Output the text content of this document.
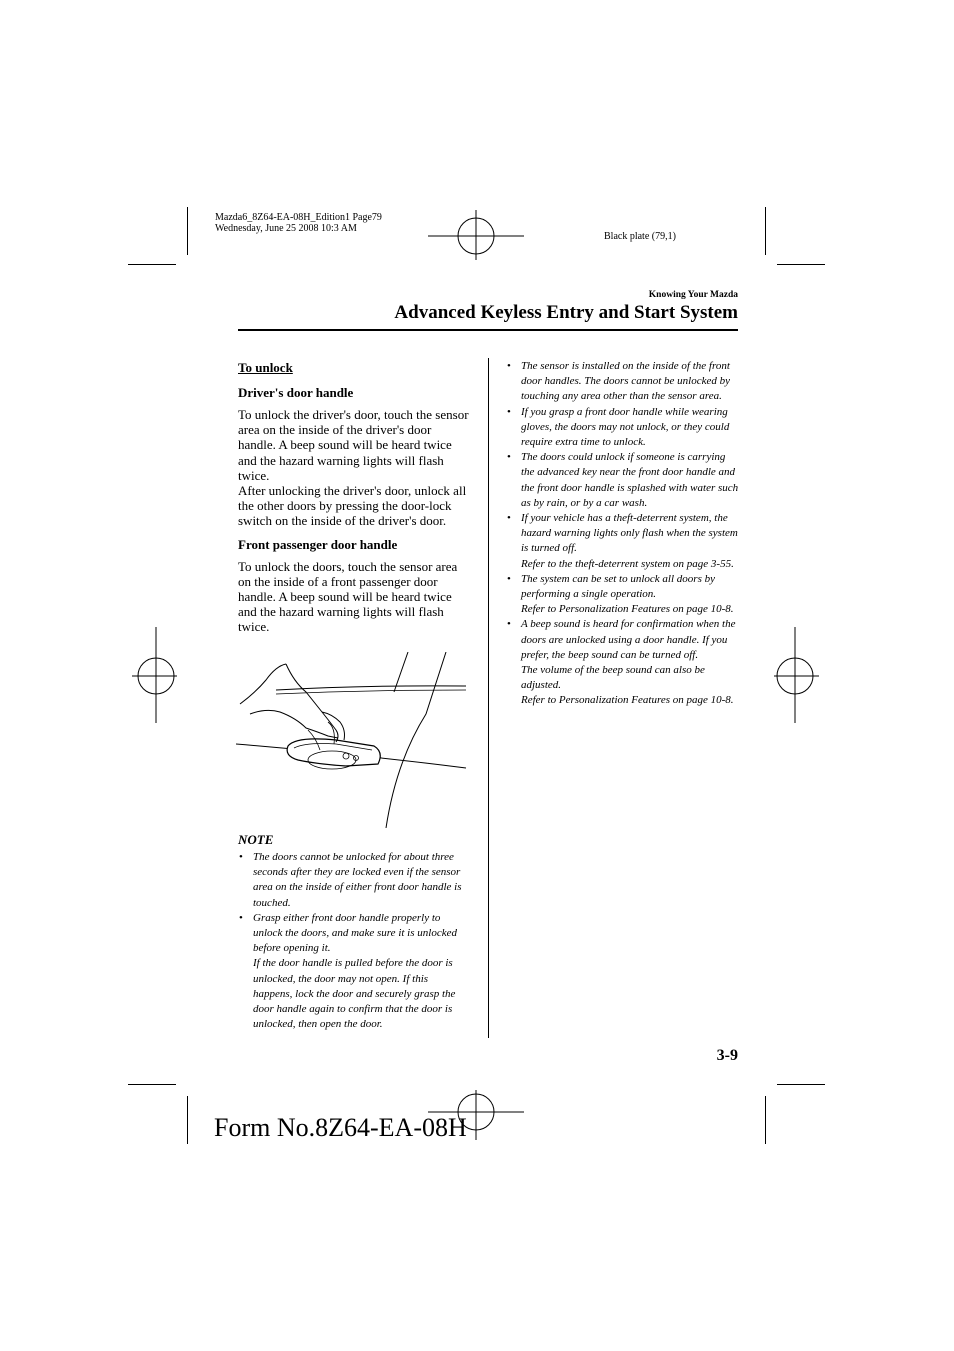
Mazda6_8Z64-EA-08H_Edition1 Page79
Wednesday, June 25 2008 10:3 AM
Black plate (79,1)
Knowing Your Mazda
Advanced Keyless Entry and Start System
To unlock
Driver's door handle
To unlock the driver's door, touch the sensor area on the inside of the driver's door handle. A beep sound will be heard twice and the hazard warning lights will flash twice.
After unlocking the driver's door, unlock all the other doors by pressing the door-lock switch on the inside of the driver's door.
Front passenger door handle
To unlock the doors, touch the sensor area on the inside of a front passenger door handle. A beep sound will be heard twice and the hazard warning lights will flash twice.
NOTE

• The doors cannot be unlocked for about three seconds after they are locked even if the sensor area on the inside of either front door handle is touched.

• Grasp either front door handle properly to unlock the doors, and make sure it is unlocked before opening it.

If the door handle is pulled before the door is unlocked, the door may not open. If this happens, lock the door and securely grasp the door handle again to confirm that the door is unlocked, then open the door.

• The sensor is installed on the inside of the front door handles. The doors cannot be unlocked by touching any area other than the sensor area.

• If you grasp a front door handle while wearing gloves, the doors may not unlock, or they could require extra time to unlock.

• The doors could unlock if someone is carrying the advanced key near the front door handle and the front door handle is splashed with water such as by rain, or by a car wash.

• If your vehicle has a theft-deterrent system, the hazard warning lights only flash when the system is turned off.

Refer to the theft-deterrent system on page 3-55.

• The system can be set to unlock all doors by performing a single operation.

Refer to Personalization Features on page 10-8.

• A beep sound is heard for confirmation when the doors are unlocked using a door handle. If you prefer, the beep sound can be turned off.

The volume of the beep sound can also be adjusted.

Refer to Personalization Features on page 10-8.

3-9
Form No.8Z64-EA-08H
